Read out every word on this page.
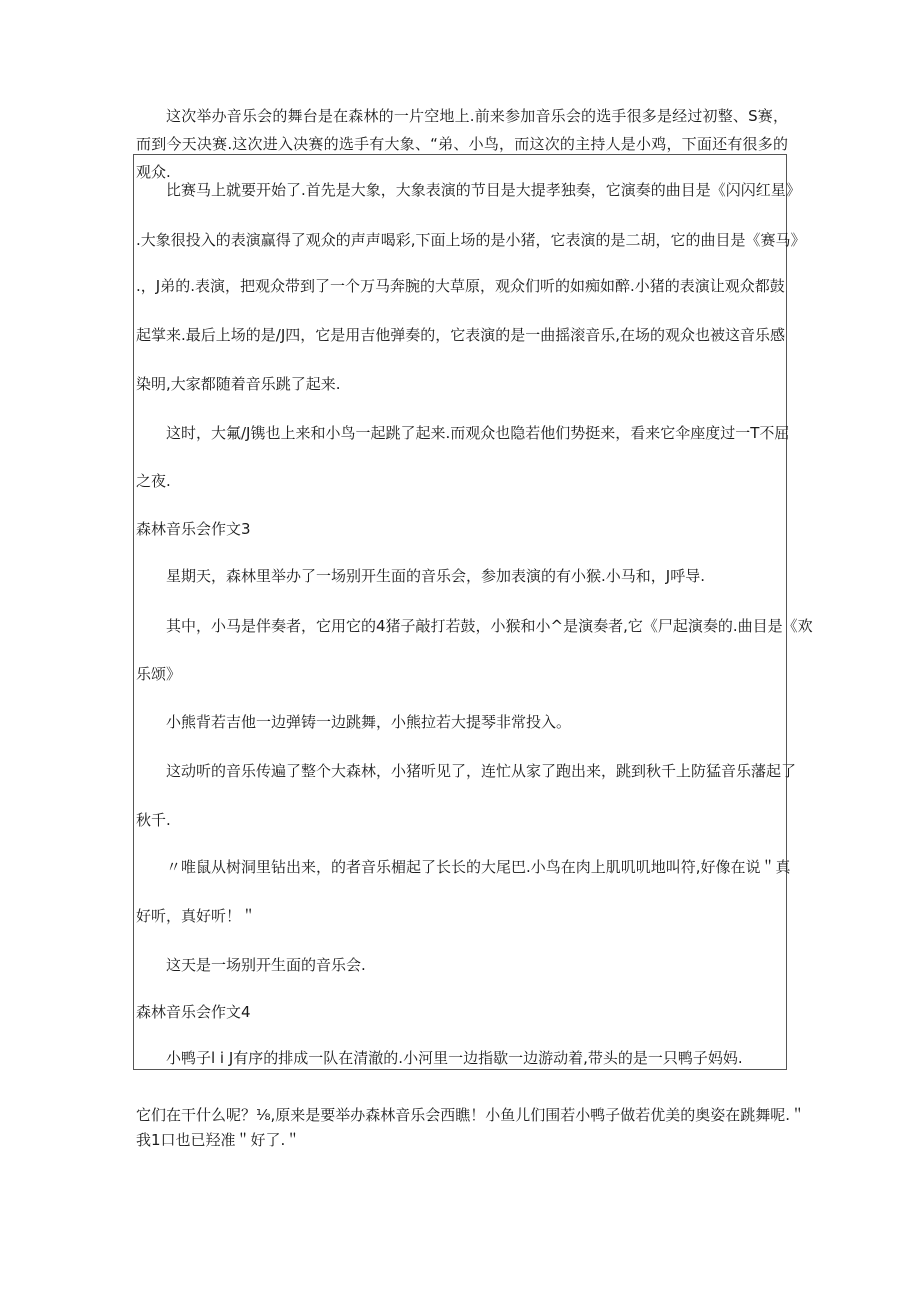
这次举办音乐会的舞台是在森林的一片空地上.前来参加音乐会的选手很多是经过初整、S赛，而到今天决赛.这次进入决赛的选手有大象、“弟、小鸟，而这次的主持人是小鸡，下面还有很多的观众.
比赛马上就要开始了.首先是大象，大象表演的节目是大提孝独奏，它演奏的曲目是《闪闪红星》
.大象很投入的表演赢得了观众的声声喝彩,下面上场的是小猪，它表演的是二胡，它的曲目是《赛马》
.，J弟的.表演，把观众带到了一个万马奔腕的大草原，观众们听的如痴如醉.小猪的表演让观众都鼓
起掌来.最后上场的是/J四，它是用吉他弹奏的，它表演的是一曲摇滚音乐,在场的观众也被这音乐感
染明,大家都随着音乐跳了起来.
这时，大氟/J镌也上来和小鸟一起跳了起来.而观众也隐若他们势挺来，看来它伞座度过一T不屈
之夜.
森林音乐会作文3
星期天，森林里举办了一场别开生面的音乐会，参加表演的有小猴.小马和，J呼导.
其中，小马是伴奏者，它用它的4猪子敲打若鼓，小猴和小^是演奏者,它《尸起演奏的.曲目是《欢
乐颂》
小熊背若吉他一边弹铸一边跳舞，小熊拉若大提琴非常投入。
这动听的音乐传遍了整个大森林，小猪听见了，连忙从家了跑出来，跳到秋千上防猛音乐藩起了
秋千.
〃唯鼠从树洞里钻出来，的者音乐楣起了长长的大尾巴.小鸟在肉上肌叽叽地叫符,好像在说＂真
好听，真好听！＂
这天是一场别开生面的音乐会.
森林音乐会作文4
小鸭子l i J有序的排成一队在清澈的.小河里一边指歇一边游动着,带头的是一只鸭子妈妈.
它们在干什么呢？⅛,原来是要举办森林音乐会西瞧！小鱼儿们围若小鸭子做若优美的奥姿在跳舞呢.＂
我1口也已羟准＂好了.＂
